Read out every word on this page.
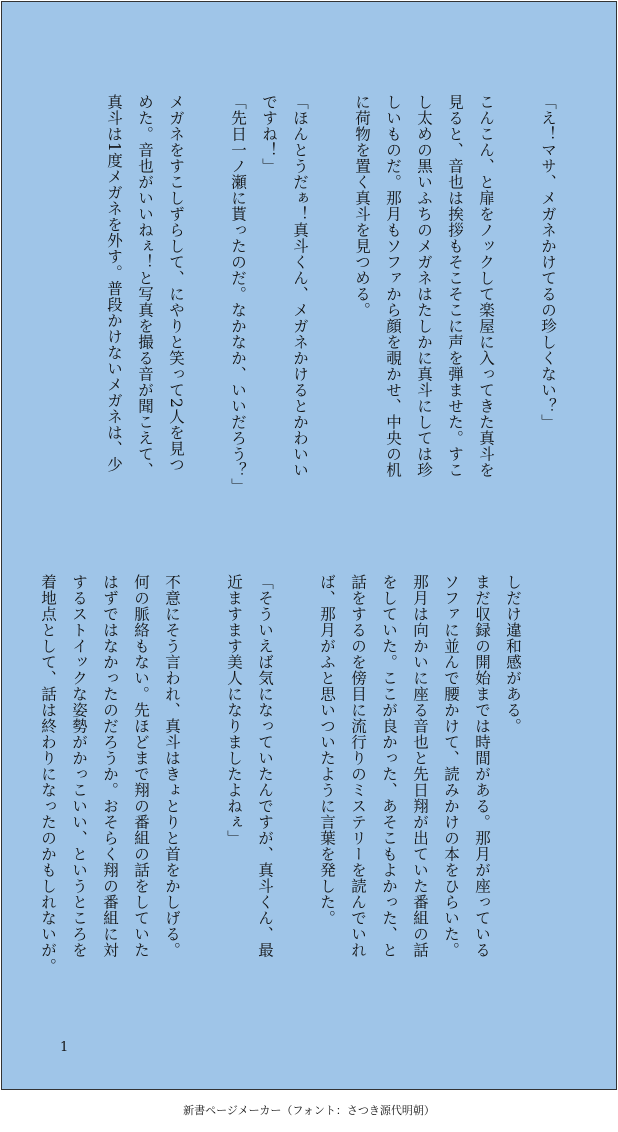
「え！マサ、メガネかけてるの珍しくない？」

こんこん、と扉をノックして楽屋に入ってきた真斗を

見ると、音也は挨拶もそこそこに声を弾ませた。すこ

し太めの黒いふちのメガネはたしかに真斗にしては珍

しいものだ。那月もソファから顔を覗かせ、中央の机

に荷物を置く真斗を見つめる。

「ほんとうだぁ！真斗くん、メガネかけるとかわいい

ですね！」

「先日一ノ瀬に貰ったのだ。なかなか、いいだろう？」

メガネをすこしずらして、にやりと笑って2人を見つ

めた。音也がいいねぇ！と写真を撮る音が聞こえて、

真斗は1度メガネを外す。普段かけないメガネは、少

しだけ違和感がある。

まだ収録の開始までは時間がある。那月が座っている

ソファに並んで腰かけて、読みかけの本をひらいた。

那月は向かいに座る音也と先日翔が出ていた番組の話

をしていた。ここが良かった、あそこもよかった、と

話をするのを傍目に流行りのミステリーを読んでいれ

ば、那月がふと思いついたように言葉を発した。

「そういえば気になっていたんですが、真斗くん、最

近ますます美人になりましたよねぇ」

不意にそう言われ、真斗はきょとりと首をかしげる。

何の脈絡もない。先ほどまで翔の番組の話をしていた

はずではなかったのだろうか。おそらく翔の番組に対

するストイックな姿勢がかっこいい、というところを

着地点として、話は終わりになったのかもしれないが。

1
新書ページメーカー（フォント：さつき源代明朝）
